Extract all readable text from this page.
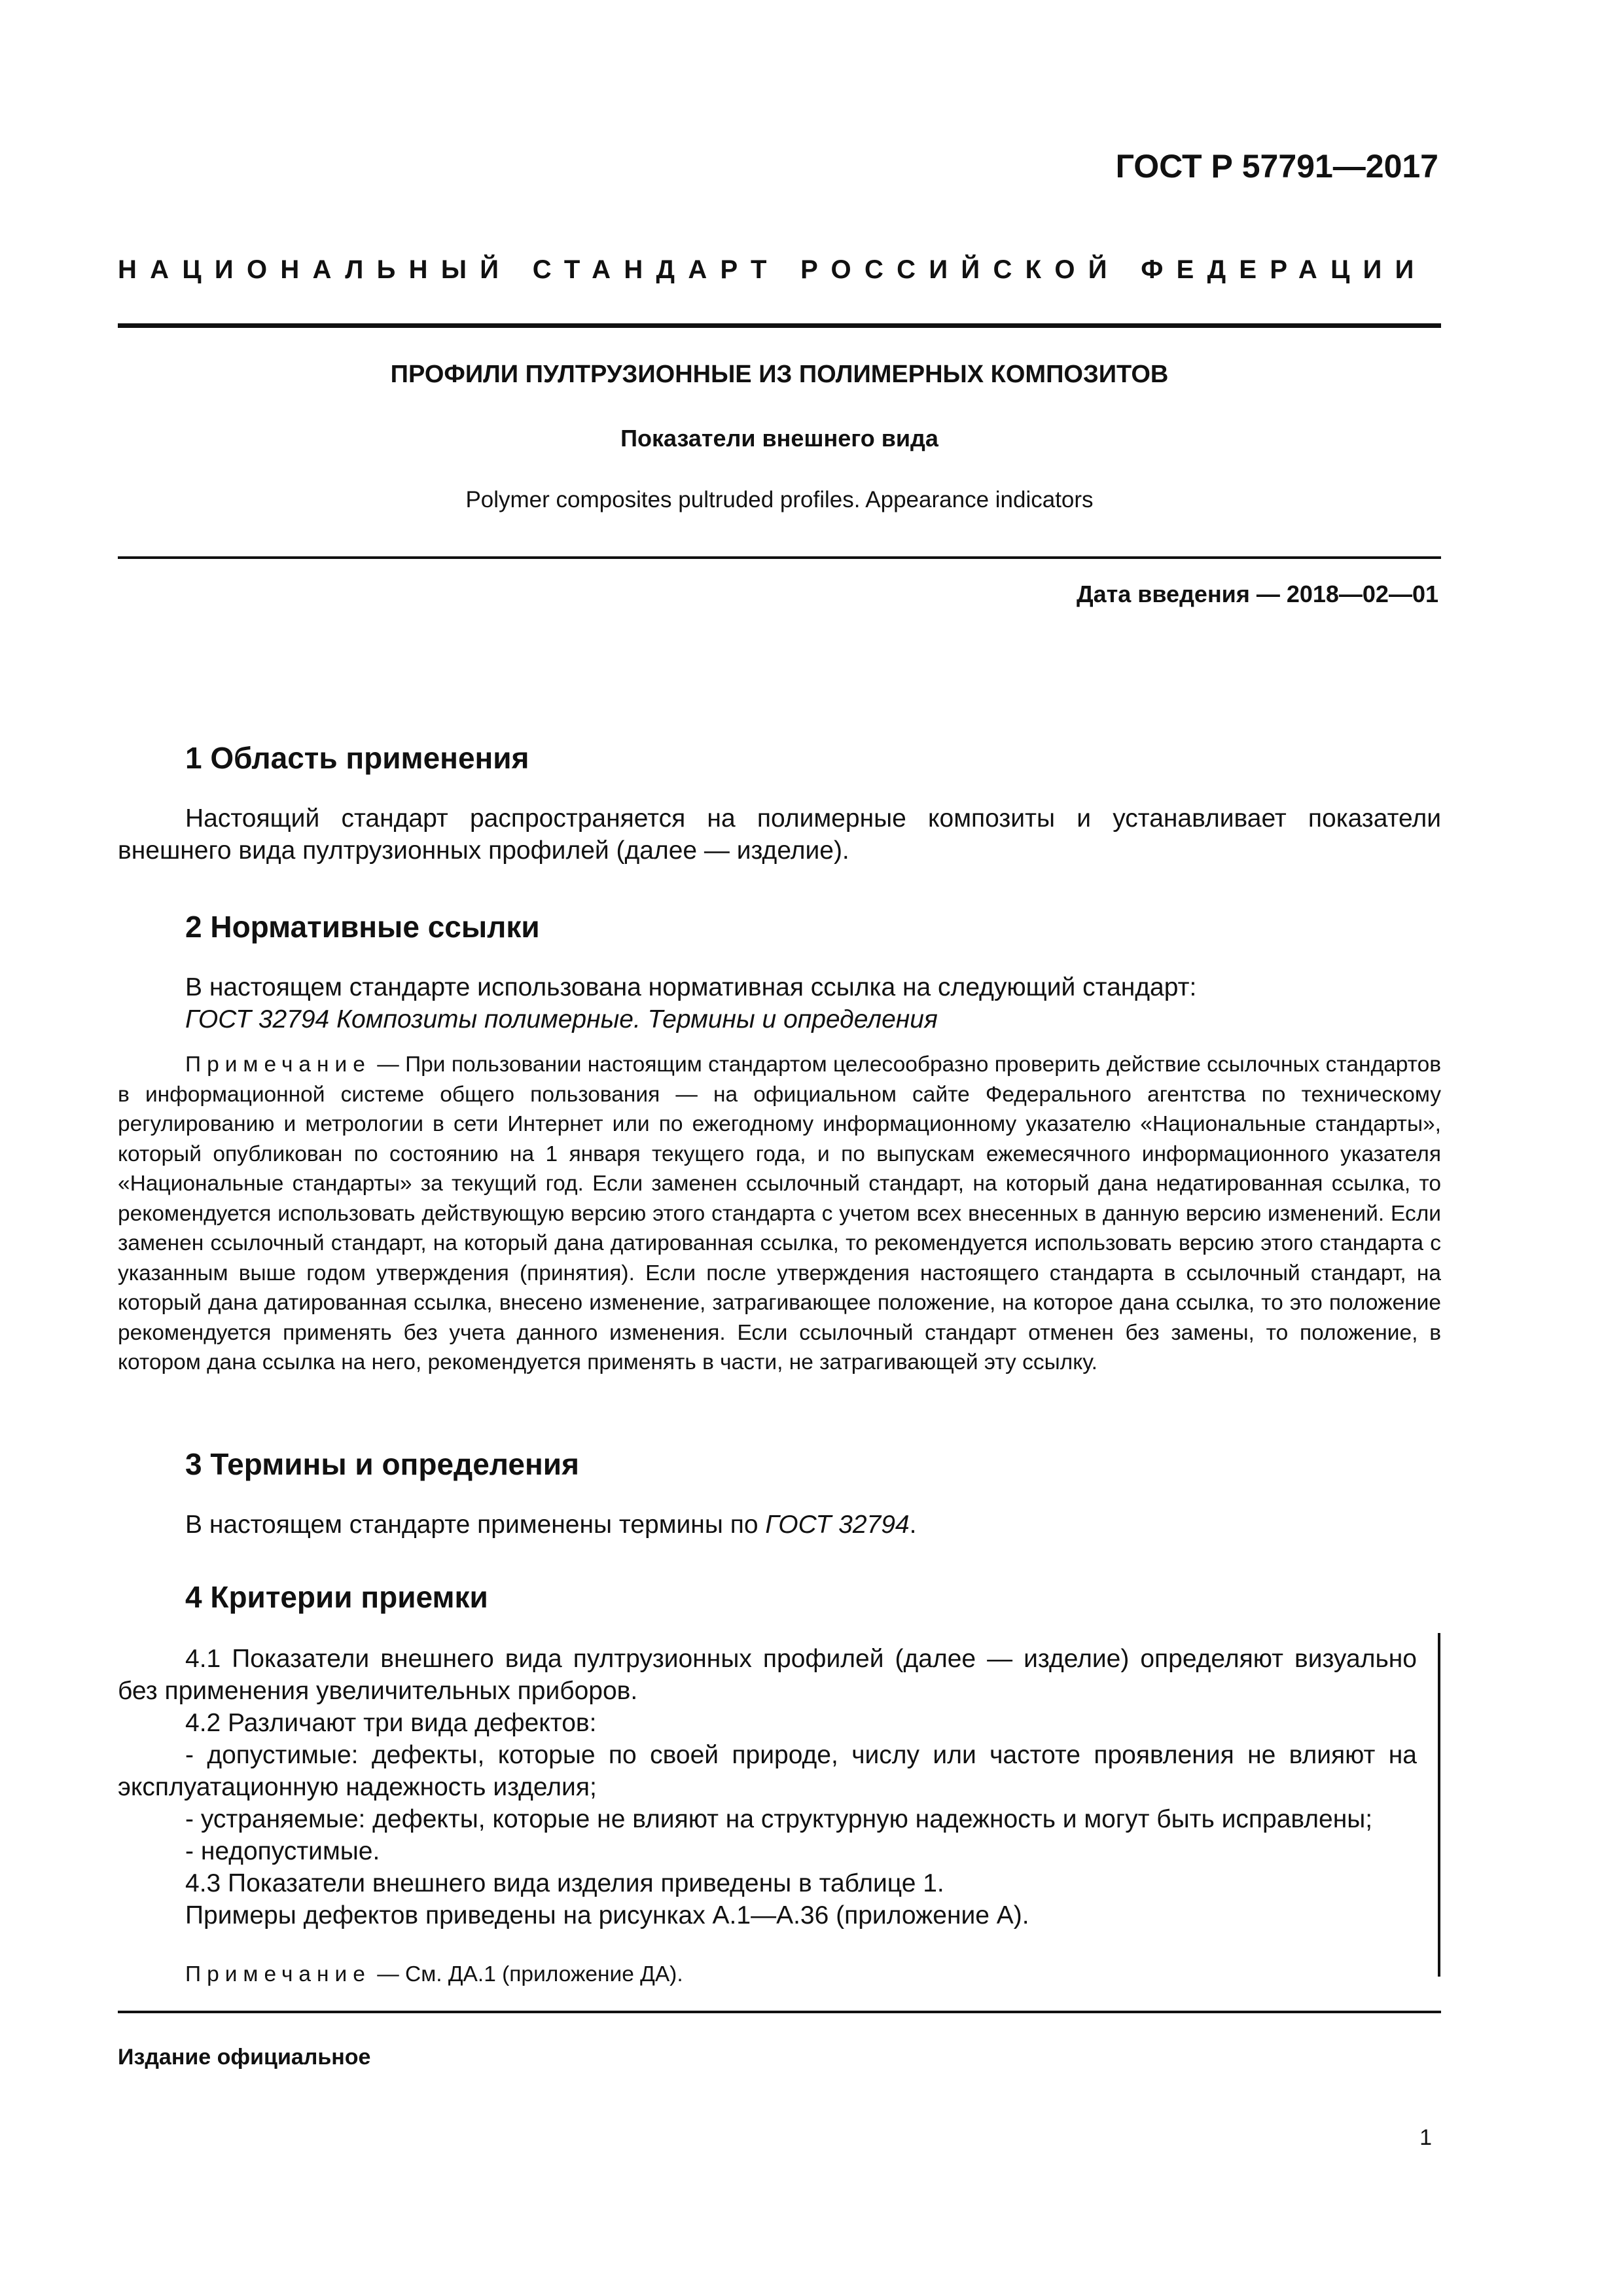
ГОСТ Р 57791—2017
НАЦИОНАЛЬНЫЙ СТАНДАРТ РОССИЙСКОЙ ФЕДЕРАЦИИ
ПРОФИЛИ ПУЛТРУЗИОННЫЕ ИЗ ПОЛИМЕРНЫХ КОМПОЗИТОВ
Показатели внешнего вида
Polymer composites pultruded profiles. Appearance indicators
Дата введения — 2018—02—01
1 Область применения
Настоящий стандарт распространяется на полимерные композиты и устанавливает показатели внешнего вида пултрузионных профилей (далее — изделие).
2 Нормативные ссылки
В настоящем стандарте использована нормативная ссылка на следующий стандарт:
ГОСТ 32794 Композиты полимерные. Термины и определения
Примечание — При пользовании настоящим стандартом целесообразно проверить действие ссылочных стандартов в информационной системе общего пользования — на официальном сайте Федерального агентства по техническому регулированию и метрологии в сети Интернет или по ежегодному информационному указателю «Национальные стандарты», который опубликован по состоянию на 1 января текущего года, и по выпускам ежемесячного информационного указателя «Национальные стандарты» за текущий год. Если заменен ссылочный стандарт, на который дана недатированная ссылка, то рекомендуется использовать действующую версию этого стандарта с учетом всех внесенных в данную версию изменений. Если заменен ссылочный стандарт, на который дана датированная ссылка, то рекомендуется использовать версию этого стандарта с указанным выше годом утверждения (принятия). Если после утверждения настоящего стандарта в ссылочный стандарт, на который дана датированная ссылка, внесено изменение, затрагивающее положение, на которое дана ссылка, то это положение рекомендуется применять без учета данного изменения. Если ссылочный стандарт отменен без замены, то положение, в котором дана ссылка на него, рекомендуется применять в части, не затрагивающей эту ссылку.
3 Термины и определения
В настоящем стандарте применены термины по ГОСТ 32794.
4 Критерии приемки
4.1 Показатели внешнего вида пултрузионных профилей (далее — изделие) определяют визуально без применения увеличительных приборов.
4.2 Различают три вида дефектов:
- допустимые: дефекты, которые по своей природе, числу или частоте проявления не влияют на эксплуатационную надежность изделия;
- устраняемые: дефекты, которые не влияют на структурную надежность и могут быть исправлены;
- недопустимые.
4.3 Показатели внешнего вида изделия приведены в таблице 1.
Примеры дефектов приведены на рисунках А.1—А.36 (приложение А).
Примечание — См. ДА.1 (приложение ДА).
Издание официальное
1
